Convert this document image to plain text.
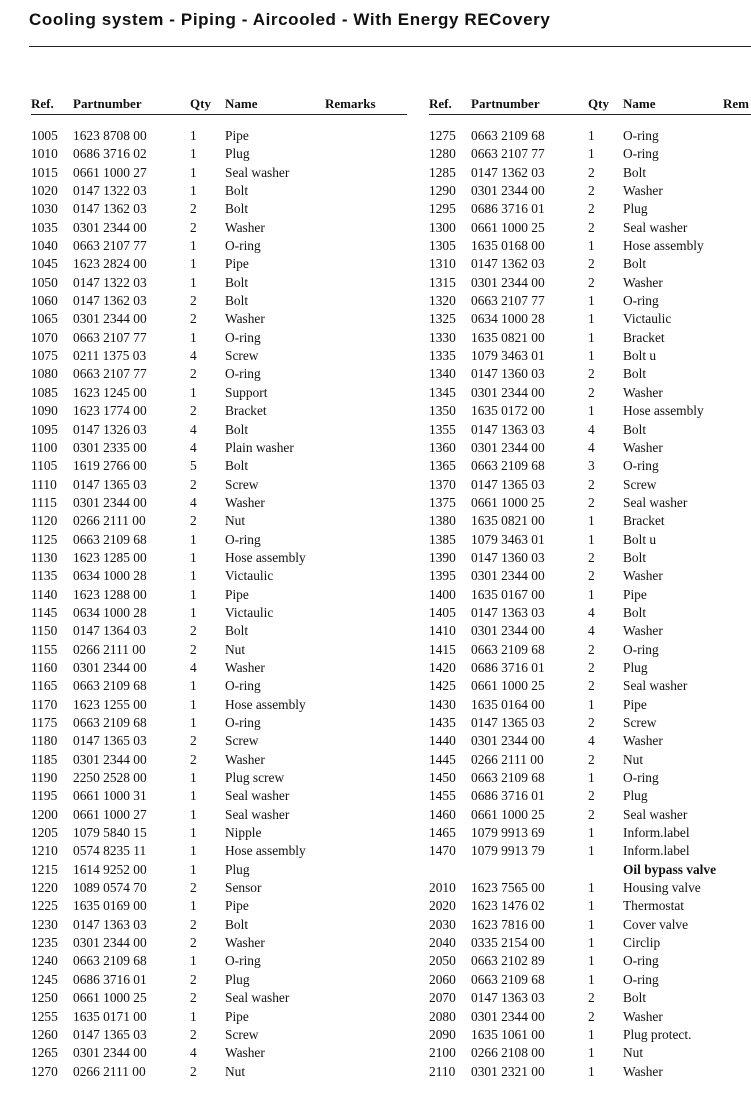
Cooling system - Piping - Aircooled - With Energy RECovery
Ref. Partnumber	Qty Name	Remarks
1005 1623 8708 00	1 Pipe
1010 0686 3716 02	1 Plug
1015 0661 1000 27	1 Seal washer
1020 0147 1322 03	1 Bolt
1030 0147 1362 03	2 Bolt
1035 0301 2344 00	2 Washer
1040 0663 2107 77	1 O-ring
1045 1623 2824 00	1 Pipe
1050 0147 1322 03	1 Bolt
1060 0147 1362 03	2 Bolt
1065 0301 2344 00	2 Washer
1070 0663 2107 77	1 O-ring
1075 0211 1375 03	4 Screw
1080 0663 2107 77	2 O-ring
1085 1623 1245 00	1 Support
1090 1623 1774 00	2 Bracket
1095 0147 1326 03	4 Bolt
1100 0301 2335 00	4 Plain washer
1105 1619 2766 00	5 Bolt
1110 0147 1365 03	2 Screw
1115 0301 2344 00	4 Washer
1120 0266 2111 00	2 Nut
1125 0663 2109 68	1 O-ring
1130 1623 1285 00	1 Hose assembly
1135 0634 1000 28	1 Victaulic
1140 1623 1288 00	1 Pipe
1145 0634 1000 28	1 Victaulic
1150 0147 1364 03	2 Bolt
1155 0266 2111 00	2 Nut
1160 0301 2344 00	4 Washer
1165 0663 2109 68	1 O-ring
1170 1623 1255 00	1 Hose assembly
1175 0663 2109 68	1 O-ring
1180 0147 1365 03	2 Screw
1185 0301 2344 00	2 Washer
1190 2250 2528 00	1 Plug screw
1195 0661 1000 31	1 Seal washer
1200 0661 1000 27	1 Seal washer
1205 1079 5840 15	1 Nipple
1210 0574 8235 11	1 Hose assembly
1215 1614 9252 00	1 Plug
1220 1089 0574 70	2 Sensor
1225 1635 0169 00	1 Pipe
1230 0147 1363 03	2 Bolt
1235 0301 2344 00	2 Washer
1240 0663 2109 68	1 O-ring
1245 0686 3716 01	2 Plug
1250 0661 1000 25	2 Seal washer
1255 1635 0171 00	1 Pipe
1260 0147 1365 03	2 Screw
1265 0301 2344 00	4 Washer
1270 0266 2111 00	2 Nut
Ref. Partnumber	Qty Name	Rem
1275 0663 2109 68	1 O-ring
1280 0663 2107 77	1 O-ring
1285 0147 1362 03	2 Bolt
1290 0301 2344 00	2 Washer
1295 0686 3716 01	2 Plug
1300 0661 1000 25	2 Seal washer
1305 1635 0168 00	1 Hose assembly
1310 0147 1362 03	2 Bolt
1315 0301 2344 00	2 Washer
1320 0663 2107 77	1 O-ring
1325 0634 1000 28	1 Victaulic
1330 1635 0821 00	1 Bracket
1335 1079 3463 01	1 Bolt u
1340 0147 1360 03	2 Bolt
1345 0301 2344 00	2 Washer
1350 1635 0172 00	1 Hose assembly
1355 0147 1363 03	4 Bolt
1360 0301 2344 00	4 Washer
1365 0663 2109 68	3 O-ring
1370 0147 1365 03	2 Screw
1375 0661 1000 25	2 Seal washer
1380 1635 0821 00	1 Bracket
1385 1079 3463 01	1 Bolt u
1390 0147 1360 03	2 Bolt
1395 0301 2344 00	2 Washer
1400 1635 0167 00	1 Pipe
1405 0147 1363 03	4 Bolt
1410 0301 2344 00	4 Washer
1415 0663 2109 68	2 O-ring
1420 0686 3716 01	2 Plug
1425 0661 1000 25	2 Seal washer
1430 1635 0164 00	1 Pipe
1435 0147 1365 03	2 Screw
1440 0301 2344 00	4 Washer
1445 0266 2111 00	2 Nut
1450 0663 2109 68	1 O-ring
1455 0686 3716 01	2 Plug
1460 0661 1000 25	2 Seal washer
1465 1079 9913 69	1 Inform.label
1470 1079 9913 79	1 Inform.label
Oil bypass valve
2010 1623 7565 00	1 Housing valve
2020 1623 1476 02	1 Thermostat
2030 1623 7816 00	1 Cover valve
2040 0335 2154 00	1 Circlip
2050 0663 2102 89	1 O-ring
2060 0663 2109 68	1 O-ring
2070 0147 1363 03	2 Bolt
2080 0301 2344 00	2 Washer
2090 1635 1061 00	1 Plug protect.
2100 0266 2108 00	1 Nut
2110 0301 2321 00	1 Washer
